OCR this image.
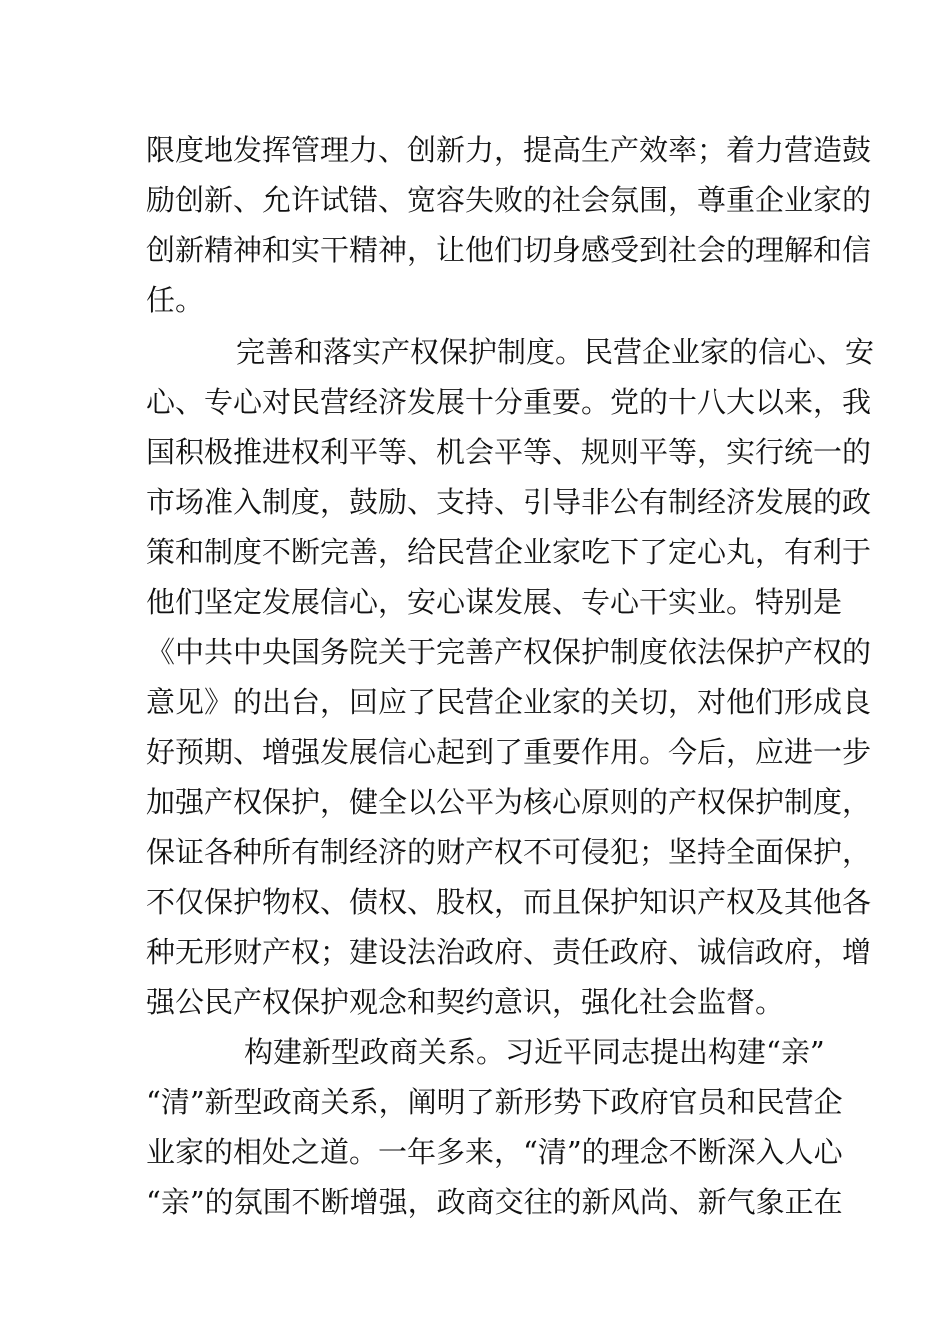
限度地发挥管理力、创新力，提高生产效率；着力营造鼓
励创新、允许试错、宽容失败的社会氛围，尊重企业家的
创新精神和实干精神，让他们切身感受到社会的理解和信
任。
完善和落实产权保护制度。民营企业家的信心、安
心、专心对民营经济发展十分重要。党的十八大以来，我
国积极推进权利平等、机会平等、规则平等，实行统一的
市场准入制度，鼓励、支持、引导非公有制经济发展的政
策和制度不断完善，给民营企业家吃下了定心丸，有利于
他们坚定发展信心，安心谋发展、专心干实业。特别是
《中共中央国务院关于完善产权保护制度依法保护产权的
意见》的出台，回应了民营企业家的关切，对他们形成良
好预期、增强发展信心起到了重要作用。今后，应进一步
加强产权保护，健全以公平为核心原则的产权保护制度，
保证各种所有制经济的财产权不可侵犯；坚持全面保护，
不仅保护物权、债权、股权，而且保护知识产权及其他各
种无形财产权；建设法治政府、责任政府、诚信政府，增
强公民产权保护观念和契约意识，强化社会监督。
构建新型政商关系。习近平同志提出构建“亲”
“清”新型政商关系，阐明了新形势下政府官员和民营企
业家的相处之道。一年多来，“清”的理念不断深入人心
“亲”的氛围不断增强，政商交往的新风尚、新气象正在
